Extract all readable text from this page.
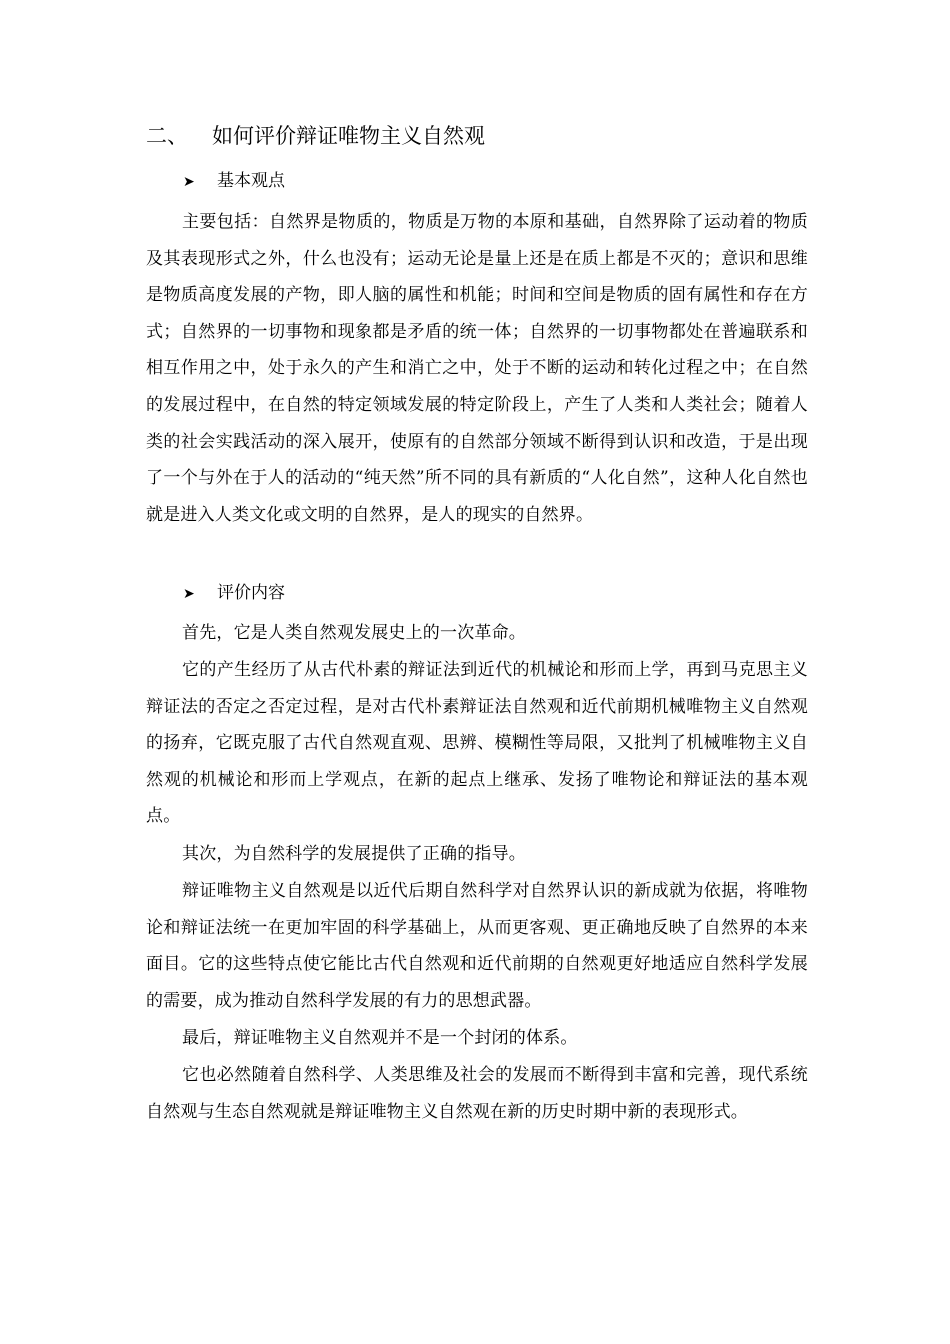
二、 如何评价辩证唯物主义自然观
➤ 基本观点

主要包括：自然界是物质的，物质是万物的本原和基础，自然界除了运动着的物质及其表现形式之外，什么也没有；运动无论是量上还是在质上都是不灭的；意识和思维是物质高度发展的产物，即人脑的属性和机能；时间和空间是物质的固有属性和存在方式；自然界的一切事物和现象都是矛盾的统一体；自然界的一切事物都处在普遍联系和相互作用之中，处于永久的产生和消亡之中，处于不断的运动和转化过程之中；在自然的发展过程中，在自然的特定领域发展的特定阶段上，产生了人类和人类社会；随着人类的社会实践活动的深入展开，使原有的自然部分领域不断得到认识和改造，于是出现了一个与外在于人的活动的“纯天然”所不同的具有新质的“人化自然”，这种人化自然也就是进入人类文化或文明的自然界，是人的现实的自然界。

➤ 评价内容

首先，它是人类自然观发展史上的一次革命。

它的产生经历了从古代朴素的辩证法到近代的机械论和形而上学，再到马克思主义辩证法的否定之否定过程，是对古代朴素辩证法自然观和近代前期机械唯物主义自然观的扬弃，它既克服了古代自然观直观、思辨、模糊性等局限，又批判了机械唯物主义自然观的机械论和形而上学观点，在新的起点上继承、发扬了唯物论和辩证法的基本观点。

其次，为自然科学的发展提供了正确的指导。

辩证唯物主义自然观是以近代后期自然科学对自然界认识的新成就为依据，将唯物论和辩证法统一在更加牢固的科学基础上，从而更客观、更正确地反映了自然界的本来面目。它的这些特点使它能比古代自然观和近代前期的自然观更好地适应自然科学发展的需要，成为推动自然科学发展的有力的思想武器。

最后，辩证唯物主义自然观并不是一个封闭的体系。

它也必然随着自然科学、人类思维及社会的发展而不断得到丰富和完善，现代系统自然观与生态自然观就是辩证唯物主义自然观在新的历史时期中新的表现形式。
